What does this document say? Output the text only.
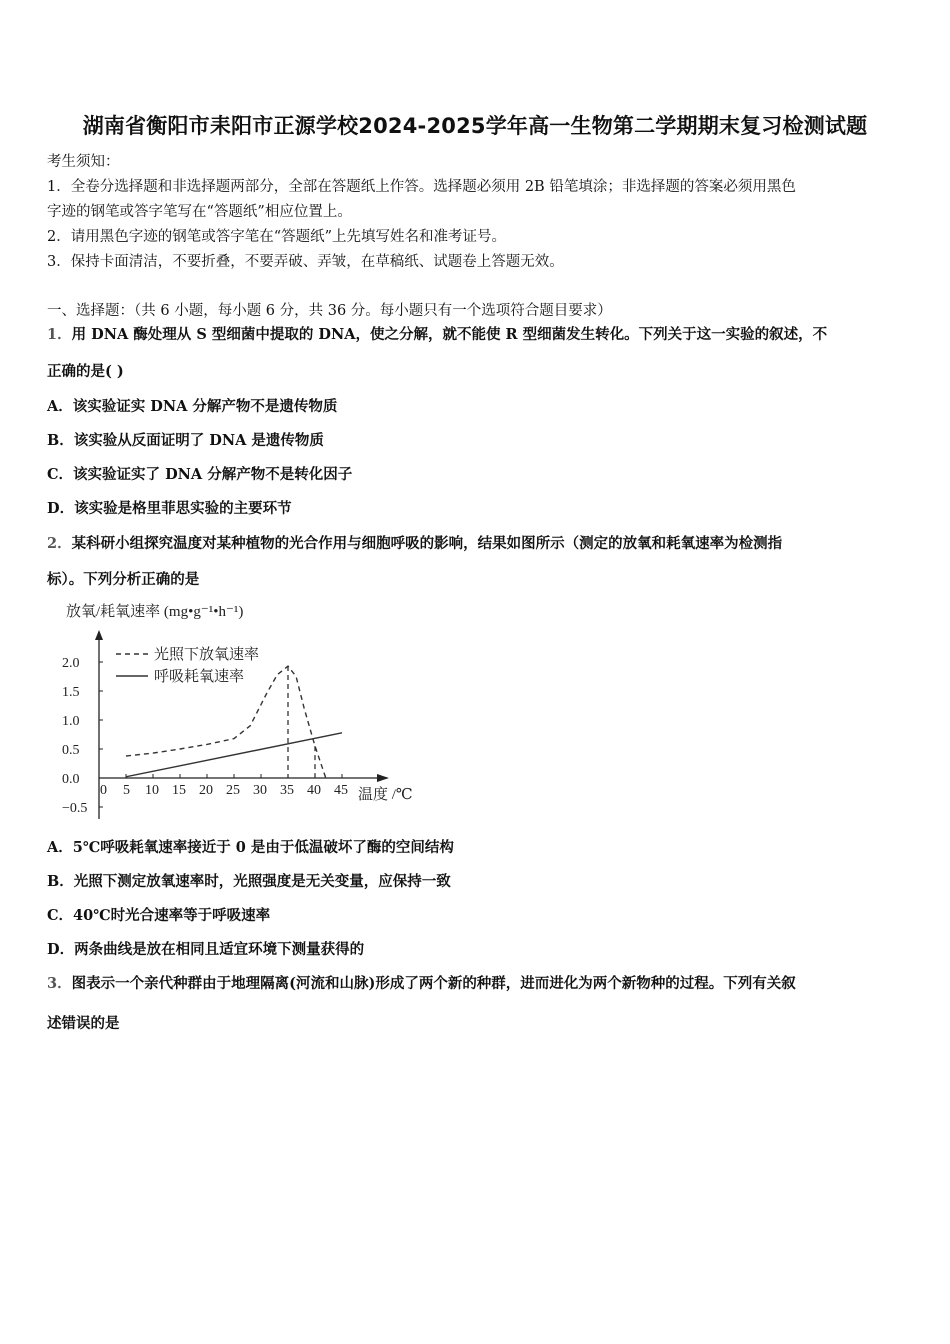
湖南省衡阳市耒阳市正源学校2024-2025学年高一生物第二学期期末复习检测试题
考生须知：
1．全卷分选择题和非选择题两部分，全部在答题纸上作答。选择题必须用 2B 铅笔填涂；非选择题的答案必须用黑色
字迹的钢笔或答字笔写在“答题纸”相应位置上。
2．请用黑色字迹的钢笔或答字笔在“答题纸”上先填写姓名和准考证号。
3．保持卡面清洁，不要折叠，不要弄破、弄皱，在草稿纸、试题卷上答题无效。
一、选择题：（共 6 小题，每小题 6 分，共 36 分。每小题只有一个选项符合题目要求）
1．用 DNA 酶处理从 S 型细菌中提取的 DNA，使之分解，就不能使 R 型细菌发生转化。下列关于这一实验的叙述，不
正确的是( )
A．该实验证实 DNA 分解产物不是遗传物质
B．该实验从反面证明了 DNA 是遗传物质
C．该实验证实了 DNA 分解产物不是转化因子
D．该实验是格里菲思实验的主要环节
2．某科研小组探究温度对某种植物的光合作用与细胞呼吸的影响，结果如图所示（测定的放氧和耗氧速率为检测指
标）。下列分析正确的是
放氧/耗氧速率 (mg•g⁻¹•h⁻¹)
0 5 10 15 20 25 30 35 40 45 温度 /℃
2.0
1.5
1.0
0.5
0.0
−0.5
光照下放氧速率
呼吸耗氧速率
A．5℃呼吸耗氧速率接近于 0 是由于低温破坏了酶的空间结构
B．光照下测定放氧速率时，光照强度是无关变量，应保持一致
C．40℃时光合速率等于呼吸速率
D．两条曲线是放在相同且适宜环境下测量获得的
3．图表示一个亲代种群由于地理隔离(河流和山脉)形成了两个新的种群，进而进化为两个新物种的过程。下列有关叙
述错误的是
